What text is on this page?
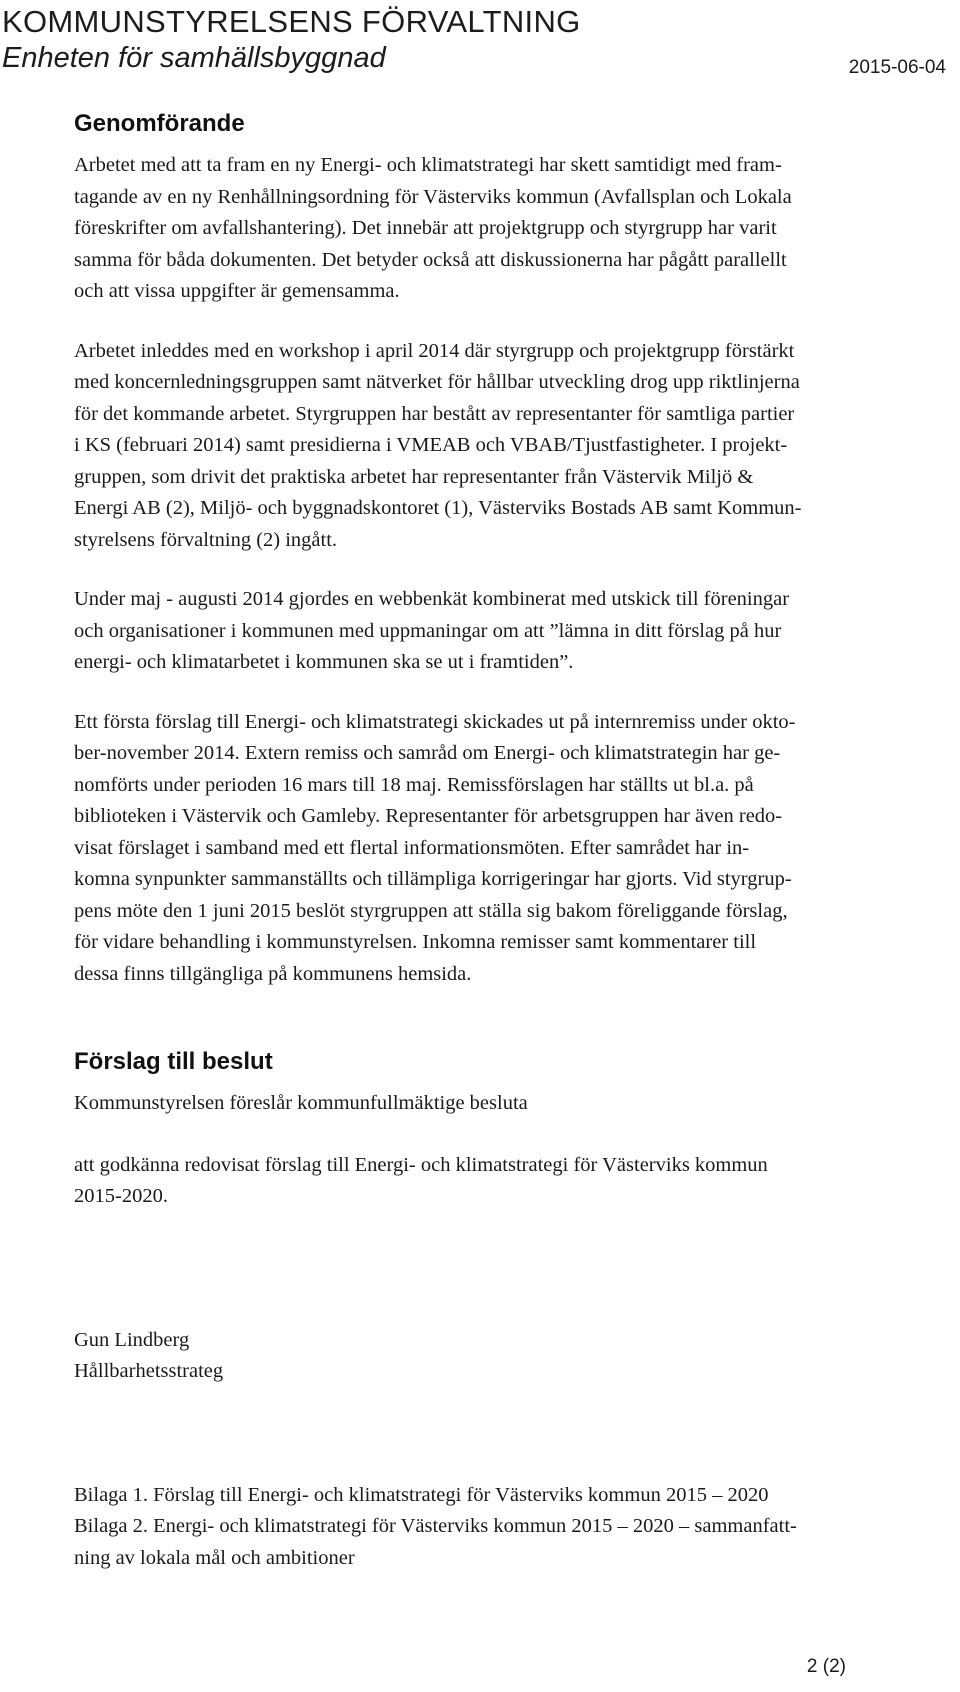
KOMMUNSTYRELSENS FÖRVALTNING
Enheten för samhällsbyggnad	2015-06-04
Genomförande
Arbetet med att ta fram en ny Energi- och klimatstrategi har skett samtidigt med fram-
tagande av en ny Renhållningsordning för Västerviks kommun (Avfallsplan och Lokala
föreskrifter om avfallshantering). Det innebär att projektgrupp och styrgrupp har varit
samma för båda dokumenten. Det betyder också att diskussionerna har pågått parallellt
och att vissa uppgifter är gemensamma.
Arbetet inleddes med en workshop i april 2014 där styrgrupp och projektgrupp förstärkt
med koncernledningsgruppen samt nätverket för hållbar utveckling drog upp riktlinjerna
för det kommande arbetet. Styrgruppen har bestått av representanter för samtliga partier
i KS (februari 2014) samt presidierna i VMEAB och VBAB/Tjustfastigheter. I projekt-
gruppen, som drivit det praktiska arbetet har representanter från Västervik Miljö &
Energi AB (2), Miljö- och byggnadskontoret (1), Västerviks Bostads AB samt Kommun-
styrelsens förvaltning (2) ingått.
Under maj - augusti 2014 gjordes en webbenkät kombinerat med utskick till föreningar
och organisationer i kommunen med uppmaningar om att ”lämna in ditt förslag på hur
energi- och klimatarbetet i kommunen ska se ut i framtiden”.
Ett första förslag till Energi- och klimatstrategi skickades ut på internremiss under okto-
ber-november 2014. Extern remiss och samråd om Energi- och klimatstrategin har ge-
nomförts under perioden 16 mars till 18 maj. Remissförslagen har ställts ut bl.a. på
biblioteken i Västervik och Gamleby. Representanter för arbetsgruppen har även redo-
visat förslaget i samband med ett flertal informationsmöten. Efter samrådet har in-
komna synpunkter sammanställts och tillämpliga korrigeringar har gjorts. Vid styrgrup-
pens möte den 1 juni 2015 beslöt styrgruppen att ställa sig bakom föreliggande förslag,
för vidare behandling i kommunstyrelsen. Inkomna remisser samt kommentarer till
dessa finns tillgängliga på kommunens hemsida.
Förslag till beslut
Kommunstyrelsen föreslår kommunfullmäktige besluta
att godkänna redovisat förslag till Energi- och klimatstrategi för Västerviks kommun
2015-2020.
Gun Lindberg
Hållbarhetsstrateg
Bilaga 1. Förslag till Energi- och klimatstrategi för Västerviks kommun 2015 – 2020
Bilaga 2. Energi- och klimatstrategi för Västerviks kommun 2015 – 2020 – sammanfatt-
ning av lokala mål och ambitioner
2 (2)
